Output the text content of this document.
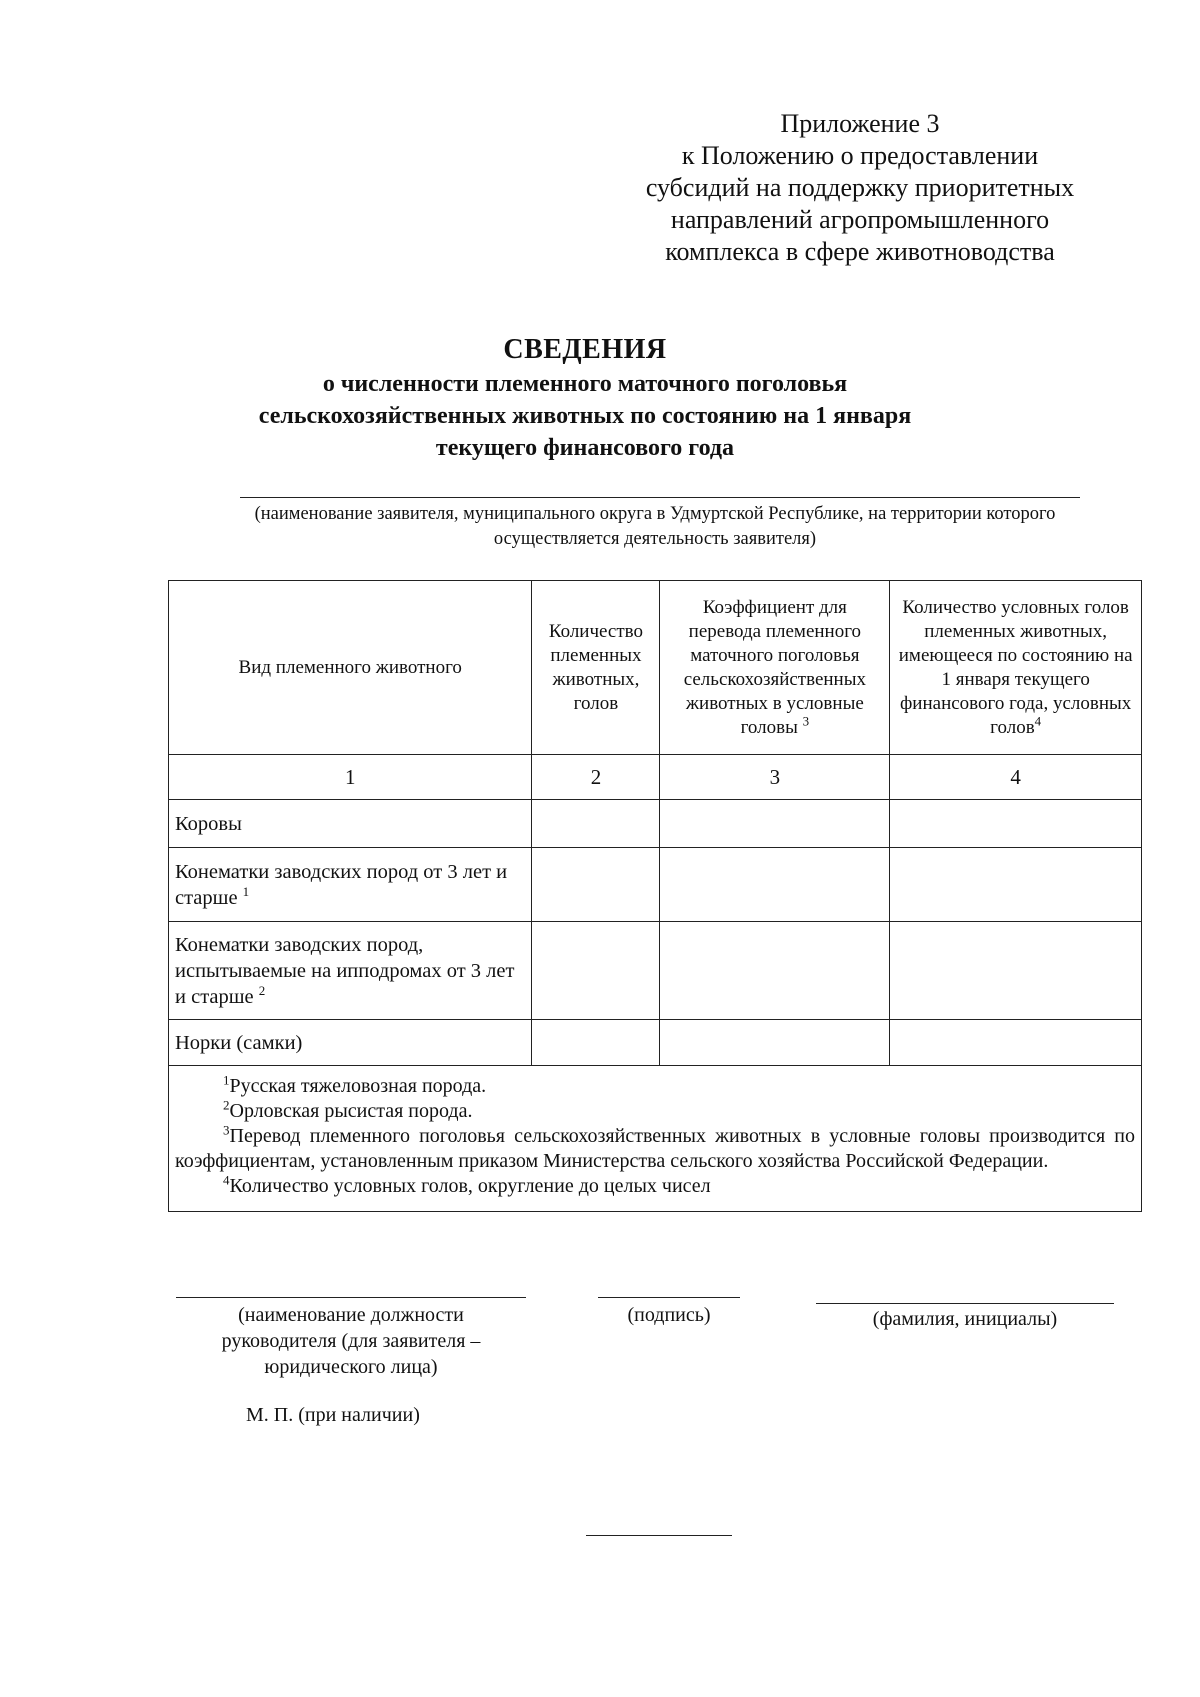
Приложение 3
к Положению о предоставлении
субсидий на поддержку приоритетных
направлений агропромышленного
комплекса в сфере животноводства
СВЕДЕНИЯ
о численности племенного маточного поголовья
сельскохозяйственных животных по состоянию на 1 января
текущего финансового года
(наименование заявителя, муниципального округа в Удмуртской Республике, на территории которого
осуществляется деятельность заявителя)
Вид племенного животного	Количество племенных животных, голов	Коэффициент для перевода племенного маточного поголовья сельскохозяйственных животных в условные головы $^3$	Количество условных голов племенных животных, имеющееся по состоянию на 1 января текущего финансового года, условных голов$^4$
1	2	3	4
Коровы			
Конематки заводских пород от 3 лет и старше $^1$			
Конематки заводских пород, испытываемые на ипподромах от 3 лет и старше $^2$			
Норки (самки)			

$^1$Русская тяжеловозная порода.
$^2$Орловская рысистая порода.
$^3$Перевод племенного поголовья сельскохозяйственных животных в условные головы производится по коэффициентам, установленным приказом Министерства сельского хозяйства Российской Федерации.
$^4$Количество условных голов, округление до целых чисел			
(наименование должности руководителя (для заявителя – юридического лица)
(подпись)	(фамилия, инициалы)
М. П. (при наличии)
